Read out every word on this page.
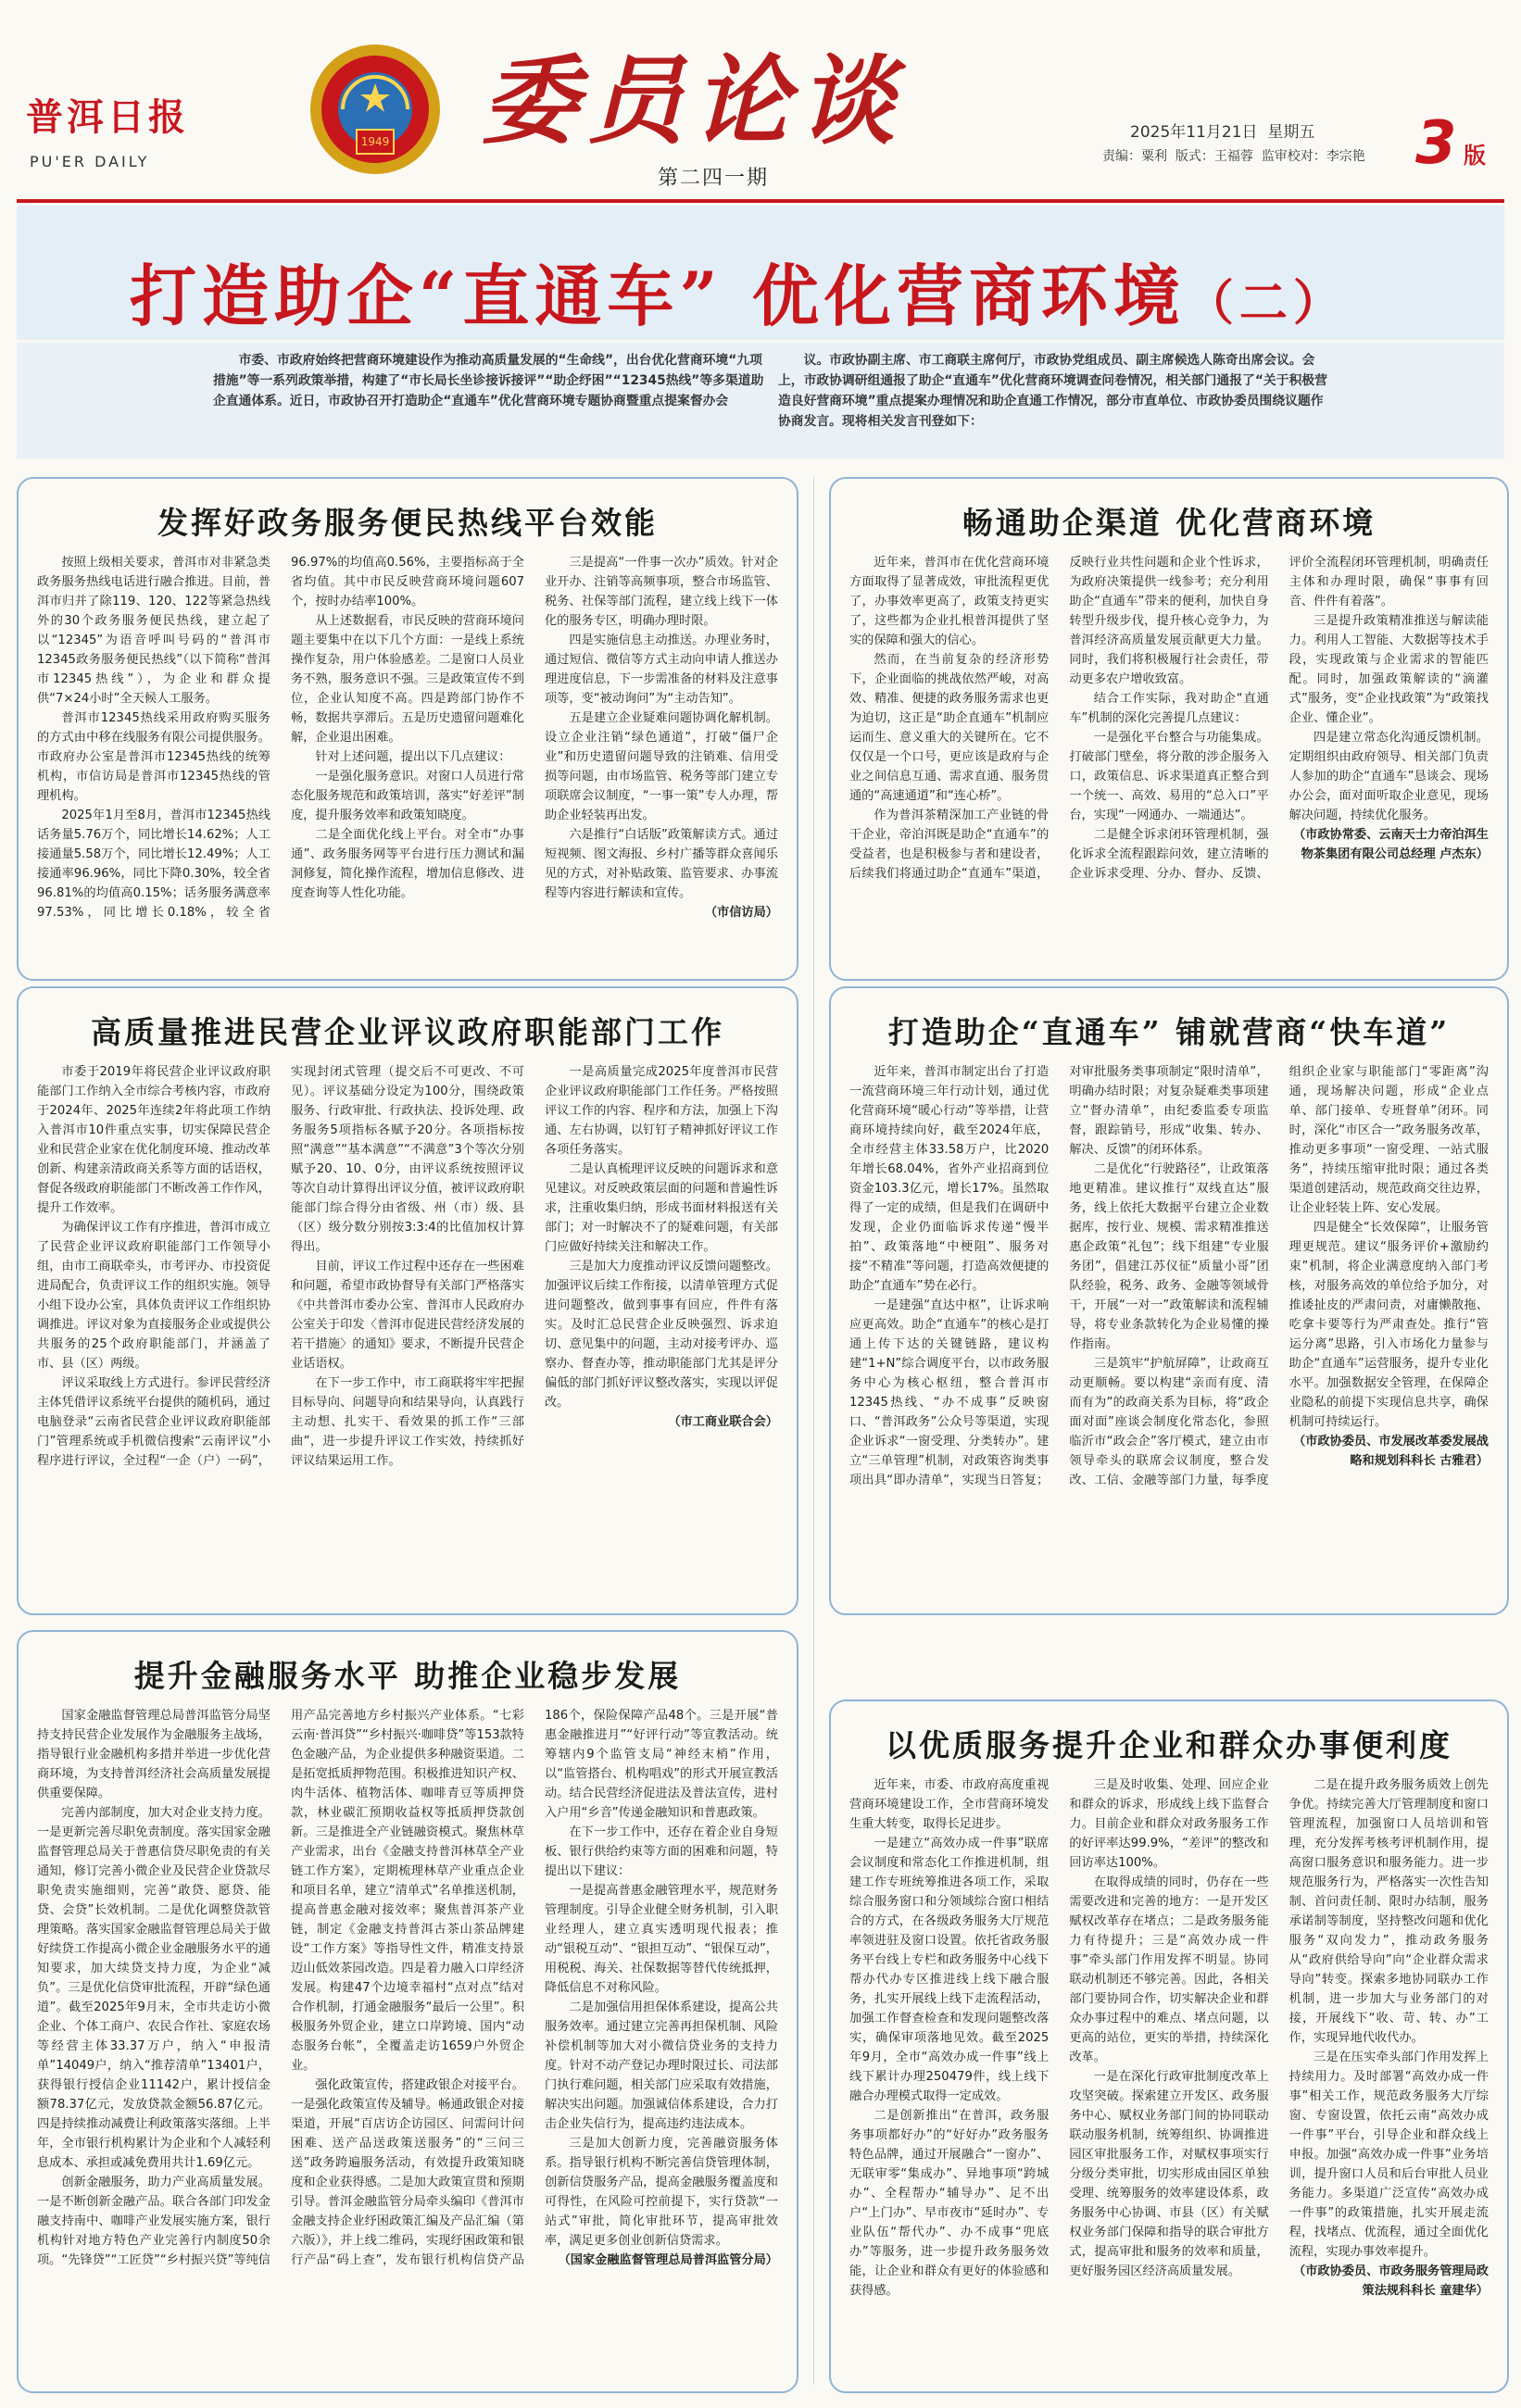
普洱日报
PU'ER DAILY
1949 委员论谈
第二四一期
2025年11月21日 星期五
责编：粟利 版式：王福蓉 监审校对：李宗艳 3 版
打造助企“直通车” 优化营商环境（二）
市委、市政府始终把营商环境建设作为推动高质量发展的“生命线”，出台优化营商环境“九项措施”等一系列政策举措，构建了“市长局长坐诊接诉接评”“助企纾困”“12345热线”等多渠道助企直通体系。近日，市政协召开打造助企“直通车”优化营商环境专题协商暨重点提案督办会
议。市政协副主席、市工商联主席何厅，市政协党组成员、副主席候选人陈奇出席会议。会上，市政协调研组通报了助企“直通车”优化营商环境调查问卷情况，相关部门通报了“关于积极营造良好营商环境”重点提案办理情况和助企直通工作情况，部分市直单位、市政协委员围绕议题作协商发言。现将相关发言刊登如下：
发挥好政务服务便民热线平台效能

按照上级相关要求，普洱市对非紧急类政务服务热线电话进行融合推进。目前，普洱市归并了除119、120、122等紧急热线外的30个政务服务便民热线，建立起了以“12345”为语音呼叫号码的“普洱市12345政务服务便民热线”（以下简称“普洱市12345热线”），为企业和群众提供“7×24小时”全天候人工服务。

普洱市12345热线采用政府购买服务的方式由中移在线服务有限公司提供服务。市政府办公室是普洱市12345热线的统筹机构，市信访局是普洱市12345热线的管理机构。

2025年1月至8月，普洱市12345热线话务量5.76万个，同比增长14.62%；人工接通量5.58万个，同比增长12.49%；人工接通率96.96%，同比下降0.30%，较全省96.81%的均值高0.15%；话务服务满意率97.53%，同比增长0.18%，较全省96.97%的均值高0.56%，主要指标高于全省均值。其中市民反映营商环境问题607个，按时办结率100%。

从上述数据看，市民反映的营商环境问题主要集中在以下几个方面：一是线上系统操作复杂，用户体验感差。二是窗口人员业务不熟，服务意识不强。三是政策宣传不到位，企业认知度不高。四是跨部门协作不畅，数据共享滞后。五是历史遗留问题难化解，企业退出困难。

针对上述问题，提出以下几点建议：

一是强化服务意识。对窗口人员进行常态化服务规范和政策培训，落实“好差评”制度，提升服务效率和政策知晓度。

二是全面优化线上平台。对全市“办事通”、政务服务网等平台进行压力测试和漏洞修复，简化操作流程，增加信息修改、进度查询等人性化功能。

三是提高“一件事一次办”质效。针对企业开办、注销等高频事项，整合市场监管、税务、社保等部门流程，建立线上线下一体化的服务专区，明确办理时限。

四是实施信息主动推送。办理业务时，通过短信、微信等方式主动向申请人推送办理进度信息，下一步需准备的材料及注意事项等，变“被动询问”为“主动告知”。

五是建立企业疑难问题协调化解机制。设立企业注销“绿色通道”，打破“僵尸企业”和历史遗留问题导致的注销难、信用受损等问题，由市场监管、税务等部门建立专项联席会议制度，“一事一策”专人办理，帮助企业轻装再出发。

六是推行“白话版”政策解读方式。通过短视频、图文海报、乡村广播等群众喜闻乐见的方式，对补贴政策、监管要求、办事流程等内容进行解读和宣传。

（市信访局）

畅通助企渠道 优化营商环境

近年来，普洱市在优化营商环境方面取得了显著成效，审批流程更优了，办事效率更高了，政策支持更实了，这些都为企业扎根普洱提供了坚实的保障和强大的信心。

然而，在当前复杂的经济形势下，企业面临的挑战依然严峻，对高效、精准、便捷的政务服务需求也更为迫切，这正是“助企直通车”机制应运而生、意义重大的关键所在。它不仅仅是一个口号，更应该是政府与企业之间信息互通、需求直通、服务贯通的“高速通道”和“连心桥”。

作为普洱茶精深加工产业链的骨干企业，帝泊洱既是助企“直通车”的受益者，也是积极参与者和建设者，后续我们将通过助企“直通车”渠道，反映行业共性问题和企业个性诉求，为政府决策提供一线参考；充分利用助企“直通车”带来的便利，加快自身转型升级步伐，提升核心竞争力，为普洱经济高质量发展贡献更大力量。同时，我们将积极履行社会责任，带动更多农户增收致富。

结合工作实际，我对助企“直通车”机制的深化完善提几点建议：

一是强化平台整合与功能集成。打破部门壁垒，将分散的涉企服务入口，政策信息、诉求渠道真正整合到一个统一、高效、易用的“总入口”平台，实现“一网通办、一端通达”。

二是健全诉求闭环管理机制，强化诉求全流程跟踪问效，建立清晰的企业诉求受理、分办、督办、反馈、评价全流程闭环管理机制，明确责任主体和办理时限，确保“事事有回音、件件有着落”。

三是提升政策精准推送与解读能力。利用人工智能、大数据等技术手段，实现政策与企业需求的智能匹配。同时，加强政策解读的“滴灌式”服务，变“企业找政策”为“政策找企业、懂企业”。

四是建立常态化沟通反馈机制。定期组织由政府领导、相关部门负责人参加的助企“直通车”恳谈会、现场办公会，面对面听取企业意见，现场解决问题，持续优化服务。

（市政协常委、云南天士力帝泊洱生物茶集团有限公司总经理 卢杰东）

高质量推进民营企业评议政府职能部门工作

市委于2019年将民营企业评议政府职能部门工作纳入全市综合考核内容，市政府于2024年、2025年连续2年将此项工作纳入普洱市10件重点实事，切实保障民营企业和民营企业家在优化制度环境、推动改革创新、构建亲清政商关系等方面的话语权，督促各级政府职能部门不断改善工作作风，提升工作效率。

为确保评议工作有序推进，普洱市成立了民营企业评议政府职能部门工作领导小组，由市工商联牵头，市考评办、市投资促进局配合，负责评议工作的组织实施。领导小组下设办公室，具体负责评议工作组织协调推进。评议对象为直接服务企业或提供公共服务的25个政府职能部门，并涵盖了市、县（区）两级。

评议采取线上方式进行。参评民营经济主体凭借评议系统平台提供的随机码，通过电脑登录“云南省民营企业评议政府职能部门”管理系统或手机微信搜索“云南评议”小程序进行评议，全过程“一企（户）一码”，实现封闭式管理（提交后不可更改、不可见）。评议基础分设定为100分，围绕政策服务、行政审批、行政执法、投诉处理、政务服务5项指标各赋予20分。各项指标按照“满意”“基本满意”“不满意”3个等次分别赋予20、10、0分，由评议系统按照评议等次自动计算得出评议分值，被评议政府职能部门综合得分由省级、州（市）级、县（区）级分数分别按3:3:4的比值加权计算得出。

目前，评议工作过程中还存在一些困难和问题，希望市政协督导有关部门严格落实《中共普洱市委办公室、普洱市人民政府办公室关于印发〈普洱市促进民营经济发展的若干措施〉的通知》要求，不断提升民营企业话语权。

在下一步工作中，市工商联将牢牢把握目标导向、问题导向和结果导向，认真践行主动想、扎实干、看效果的抓工作“三部曲”，进一步提升评议工作实效，持续抓好评议结果运用工作。

一是高质量完成2025年度普洱市民营企业评议政府职能部门工作任务。严格按照评议工作的内容、程序和方法，加强上下沟通、左右协调，以钉钉子精神抓好评议工作各项任务落实。

二是认真梳理评议反映的问题诉求和意见建议。对反映政策层面的问题和普遍性诉求，注重收集归纳，形成书面材料报送有关部门；对一时解决不了的疑难问题，有关部门应做好持续关注和解决工作。

三是加大力度推动评议反馈问题整改。加强评议后续工作衔接，以清单管理方式促进问题整改，做到事事有回应，件件有落实。及时汇总民营企业反映强烈、诉求迫切、意见集中的问题，主动对接考评办、巡察办、督查办等，推动职能部门尤其是评分偏低的部门抓好评议整改落实，实现以评促改。

（市工商业联合会）

打造助企“直通车” 铺就营商“快车道”

近年来，普洱市制定出台了打造一流营商环境三年行动计划，通过优化营商环境“暖心行动”等举措，让营商环境持续向好，截至2024年底，全市经营主体33.58万户，比2020年增长68.04%，省外产业招商到位资金103.3亿元，增长17%。虽然取得了一定的成绩，但是我们在调研中发现，企业仍面临诉求传递“慢半拍”、政策落地“中梗阻”、服务对接“不精准”等问题，打造高效便捷的助企“直通车”势在必行。

一是建强“直达中枢”，让诉求响应更高效。助企“直通车”的核心是打通上传下达的关键链路，建议构建“1+N”综合调度平台，以市政务服务中心为核心枢纽，整合普洱市12345热线、“办不成事”反映窗口、“普洱政务”公众号等渠道，实现企业诉求“一窗受理、分类转办”。建立“三单管理”机制，对政策咨询类事项出具“即办清单”，实现当日答复；对审批服务类事项制定“限时清单”，明确办结时限；对复杂疑难类事项建立“督办清单”，由纪委监委专项监督，跟踪销号，形成“收集、转办、解决、反馈”的闭环体系。

二是优化“行驶路径”，让政策落地更精准。建议推行“双线直达”服务，线上依托大数据平台建立企业数据库，按行业、规模、需求精准推送惠企政策“礼包”；线下组建“专业服务团”，倡建江苏仪征“质量小哥”团队经验，税务、政务、金融等领域骨干，开展“一对一”政策解读和流程辅导，将专业条款转化为企业易懂的操作指南。

三是筑牢“护航屏障”，让政商互动更顺畅。要以构建“亲而有度、清而有为”的政商关系为目标，将“政企面对面”座谈会制度化常态化，参照临沂市“政会企”客厅模式，建立由市领导牵头的联席会议制度，整合发改、工信、金融等部门力量，每季度组织企业家与职能部门“零距离”沟通，现场解决问题，形成“企业点单、部门接单、专班督单”闭环。同时，深化“市区合一”政务服务改革，推动更多事项“一窗受理、一站式服务”，持续压缩审批时限；通过各类渠道创建活动，规范政商交往边界，让企业轻装上阵、安心发展。

四是健全“长效保障”，让服务管理更规范。建议“服务评价+激励约束”机制，将企业满意度纳入部门考核，对服务高效的单位给予加分，对推诿扯皮的严肃问责，对庸懒散拖、吃拿卡要等行为严肃查处。推行“管运分离”思路，引入市场化力量参与助企“直通车”运营服务，提升专业化水平。加强数据安全管理，在保障企业隐私的前提下实现信息共享，确保机制可持续运行。

（市政协委员、市发展改革委发展战略和规划科科长 古雅君）

提升金融服务水平 助推企业稳步发展

国家金融监督管理总局普洱监管分局坚持支持民营企业发展作为金融服务主战场，指导银行业金融机构多措并举进一步优化营商环境，为支持普洱经济社会高质量发展提供重要保障。

完善内部制度，加大对企业支持力度。一是更新完善尽职免责制度。落实国家金融监督管理总局关于普惠信贷尽职免责的有关通知，修订完善小微企业及民营企业贷款尽职免责实施细则，完善“敢贷、愿贷、能贷、会贷”长效机制。二是优化调整贷款管理策略。落实国家金融监督管理总局关于做好续贷工作提高小微企业金融服务水平的通知要求，加大续贷支持力度，为企业“减负”。三是优化信贷审批流程，开辟“绿色通道”。截至2025年9月末，全市共走访小微企业、个体工商户、农民合作社、家庭农场等经营主体33.37万户，纳入“申报清单”14049户，纳入“推荐清单”13401户，获得银行授信企业11142户，累计授信金额78.37亿元，发放贷款金额56.87亿元。四是持续推动减费让利政策落实落细。上半年，全市银行机构累计为企业和个人减轻利息成本、承担或减免费用共计1.69亿元。

创新金融服务，助力产业高质量发展。一是不断创新金融产品。联合各部门印发金融支持南中、咖啡产业发展实施方案，银行机构针对地方特色产业完善行内制度50余项。“先锋贷”“工匠贷”“乡村振兴贷”等纯信用产品完善地方乡村振兴产业体系。“七彩云南·普洱贷”“乡村振兴·咖啡贷”等153款特色金融产品，为企业提供多种融资渠道。二是拓宽抵质押物范围。积极推进知识产权、肉牛活体、植物活体、咖啡青豆等质押贷款，林业碳汇预期收益权等抵质押贷款创新。三是推进全产业链融资模式。聚焦林草产业需求，出台《金融支持普洱林草全产业链工作方案》，定期梳理林草产业重点企业和项目名单，建立“清单式”名单推送机制，提高普惠金融对接效率；聚焦普洱茶产业链，制定《金融支持普洱古茶山茶品牌建设“工作方案》等指导性文件，精准支持景迈山低效茶园改造。四是着力融入口岸经济发展。构建47个边境幸福村“点对点”结对合作机制，打通金融服务“最后一公里”。积极服务外贸企业，建立口岸跨境、国内“动态服务台帐”，全覆盖走访1659户外贸企业。

强化政策宣传，搭建政银企对接平台。一是强化政策宣传及辅导。畅通政银企对接渠道，开展“百店访企访园区、问需问计问困难、送产品送政策送服务”的“三问三送”政务跨遍服务活动，有效提升政策知晓度和企业获得感。二是加大政策宣贯和预期引导。普洱金融监管分局牵头编印《普洱市金融支持企业纾困政策汇编及产品汇编（第六版）》，并上线二维码，实现纾困政策和银行产品“码上查”，发布银行机构信贷产品186个，保险保障产品48个。三是开展“普惠金融推进月”“好评行动”等宣教活动。统筹辖内9个监管支局“神经末梢”作用，以“监管搭台、机构唱戏”的形式开展宣教活动。结合民营经济促进法及普法宣传，进村入户用“乡音”传递金融知识和普惠政策。

在下一步工作中，还存在着企业自身短板、银行供给约束等方面的困难和问题，特提出以下建议：

一是提高普惠金融管理水平，规范财务管理制度。引导企业健全财务机制，引入职业经理人，建立真实透明现代报表；推动“银税互动”、“银担互动”、“银保互动”，用税税、海关、社保数据等替代传统抵押，降低信息不对称风险。

二是加强信用担保体系建设，提高公共服务效率。通过建立完善再担保机制、风险补偿机制等加大对小微信贷业务的支持力度。针对不动产登记办理时限过长、司法部门执行难问题，相关部门应采取有效措施，解决实出问题。加强诚信体系建设，合力打击企业失信行为，提高违约违法成本。

三是加大创新力度，完善融资服务体系。指导银行机构不断完善信贷管理体制，创新信贷服务产品，提高金融服务覆盖度和可得性，在风险可控前提下，实行贷款“一站式”审批，简化审批环节，提高审批效率，满足更多创业创新信贷需求。

（国家金融监督管理总局普洱监管分局）

以优质服务提升企业和群众办事便利度

近年来，市委、市政府高度重视营商环境建设工作，全市营商环境发生重大转变，取得长足进步。

一是建立“高效办成一件事”联席会议制度和常态化工作推进机制，组建工作专班统筹推进各项工作，采取综合服务窗口和分领域综合窗口相结合的方式，在各级政务服务大厅规范率领进驻及窗口设置。依托省政务服务平台线上专栏和政务服务中心线下帮办代办专区推进线上线下融合服务，扎实开展线上线下走流程活动，加强工作督查检查和发现问题整改落实，确保审项落地见效。截至2025年9月，全市“高效办成一件事”线上线下累计办理250479件，线上线下融合办理模式取得一定成效。

二是创新推出“在普洱，政务服务事项都好办”的“好好办”政务服务特色品牌，通过开展融合“一窗办”、无联审零“集成办”、异地事项“跨城办”、全程帮办“辅导办”、足不出户“上门办”、早市夜市“延时办”、专业队伍“帮代办”、办不成事“兜底办”等服务，进一步提升政务服务效能，让企业和群众有更好的体验感和获得感。

三是及时收集、处理、回应企业和群众的诉求，形成线上线下监督合力。目前企业和群众对政务服务工作的好评率达99.9%，“差评”的整改和回访率达100%。

在取得成绩的同时，仍存在一些需要改进和完善的地方：一是开发区赋权改革存在堵点；二是政务服务能力有待提升；三是“高效办成一件事”牵头部门作用发挥不明显。协同联动机制还不够完善。因此，各相关部门要协同合作，切实解决企业和群众办事过程中的难点、堵点问题，以更高的站位，更实的举措，持续深化改革。

一是在深化行政审批制度改革上攻坚突破。探索建立开发区、政务服务中心、赋权业务部门间的协同联动联动服务机制，统筹组织、协调推进园区审批服务工作，对赋权事项实行分级分类审批，切实形成由园区单独受理、统筹服务的效率建设体系，政务服务中心协调、市县（区）有关赋权业务部门保障和指导的联合审批方式，提高审批和服务的效率和质量，更好服务园区经济高质量发展。

二是在提升政务服务质效上创先争优。持续完善大厅管理制度和窗口管理流程，加强窗口人员培训和管理，充分发挥考核考评机制作用，提高窗口服务意识和服务能力。进一步规范服务行为，严格落实一次性告知制、首问责任制、限时办结制，服务承诺制等制度，坚持整改问题和优化服务“双向发力”，推动政务服务从“政府供给导向”向“企业群众需求导向”转变。探索多地协同联办工作机制，进一步加大与业务部门的对接，开展线下“收、苛、转、办”工作，实现异地代收代办。

三是在压实牵头部门作用发挥上持续用力。及时部署“高效办成一件事”相关工作，规范政务服务大厅综窗、专窗设置，依托云南“高效办成一件事”平台，引导企业和群众线上申报。加强“高效办成一件事”业务培训，提升窗口人员和后台审批人员业务能力。多渠道广泛宣传“高效办成一件事”的政策措施，扎实开展走流程，找堵点、优流程，通过全面优化流程，实现办事效率提升。

（市政协委员、市政务服务管理局政策法规科科长 童建华）
